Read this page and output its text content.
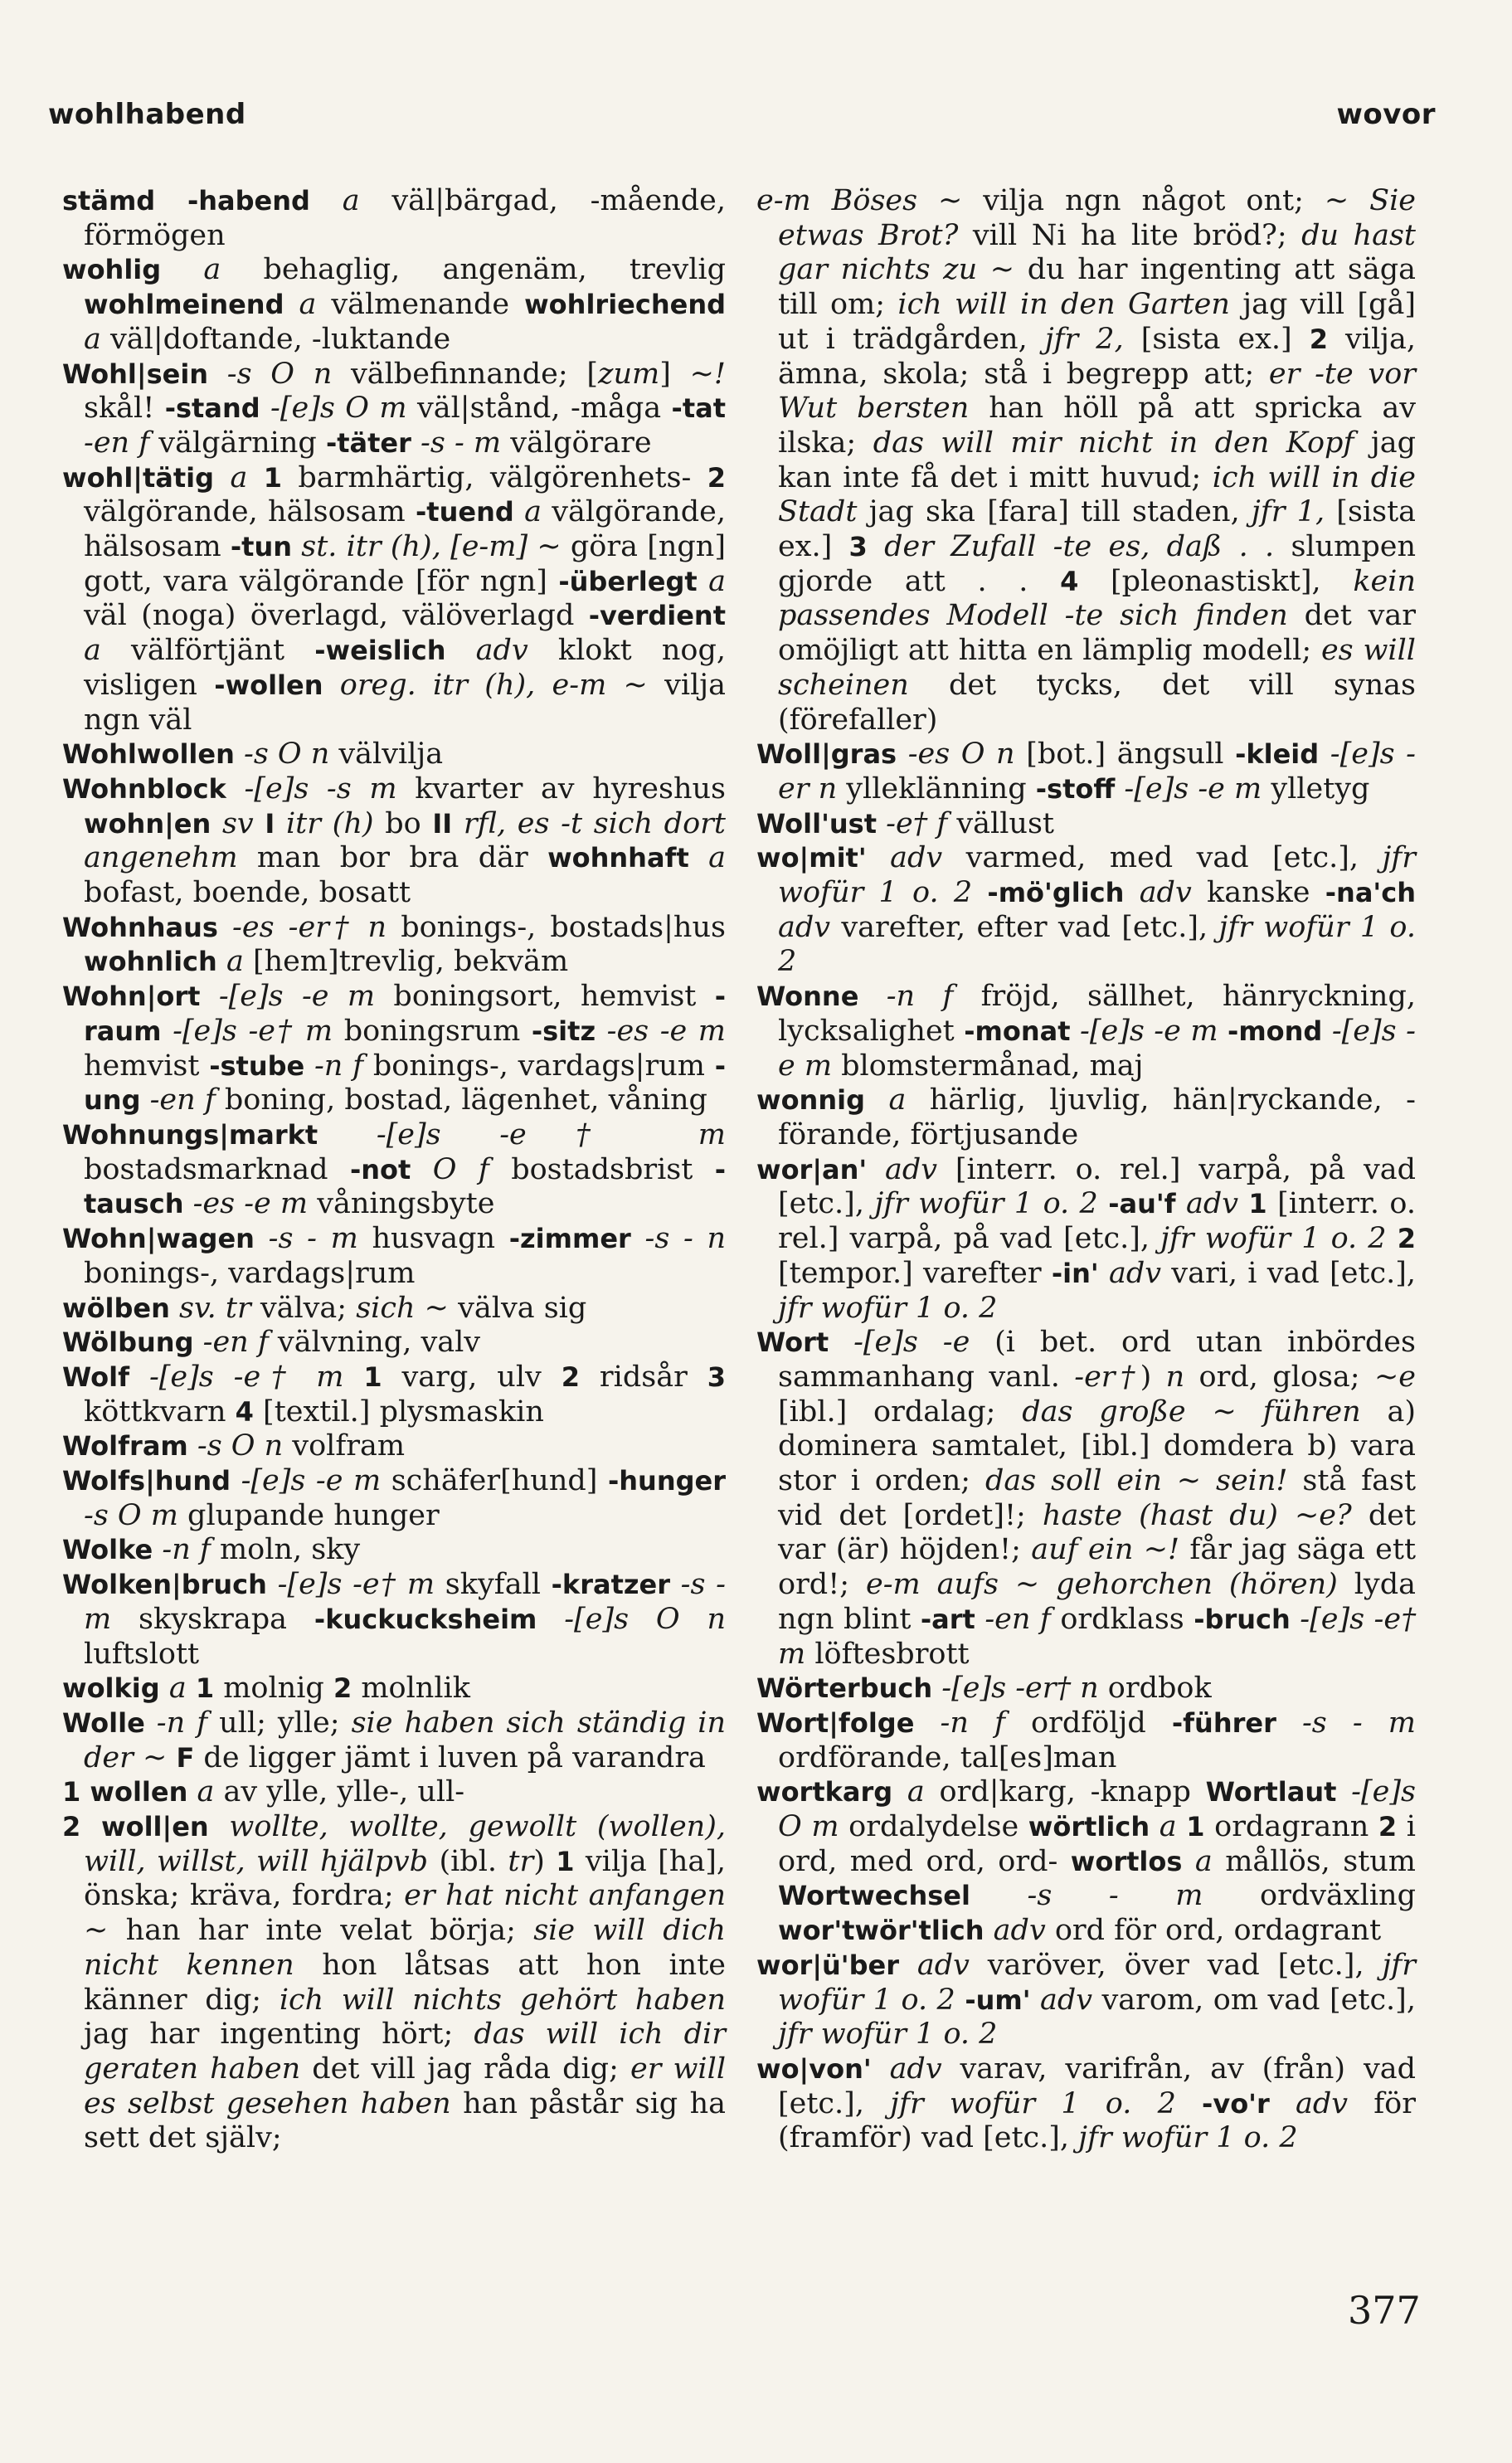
wohlhabend	wovor

stämd -habend a väl|bärgad, -mående, förmögen

wohlig a behaglig, angenäm, trevlig wohlmeinend a välmenande wohlriechend a väl|doftande, -luktande

Wohl|sein -s O n välbefinnande; [zum] ~! skål! -stand -[e]s O m väl|stånd, -måga -tat -en f välgärning -täter -s - m välgörare

wohl|tätig a 1 barmhärtig, välgörenhets- 2 välgörande, hälsosam -tuend a välgörande, hälsosam -tun st. itr (h), [e-m] ~ göra [ngn] gott, vara välgörande [för ngn] -überlegt a väl (noga) överlagd, välöverlagd -verdient a välförtjänt -weislich adv klokt nog, visligen -wollen oreg. itr (h), e-m ~ vilja ngn väl

Wohlwollen -s O n välvilja

Wohnblock -[e]s -s m kvarter av hyreshus wohn|en sv I itr (h) bo II rfl, es -t sich dort angenehm man bor bra där wohnhaft a bofast, boende, bosatt

Wohnhaus -es -er† n bonings-, bostads|hus wohnlich a [hem]trevlig, bekväm

Wohn|ort -[e]s -e m boningsort, hemvist -raum -[e]s -e† m boningsrum -sitz -es -e m hemvist -stube -n f bonings-, vardags|rum -ung -en f boning, bostad, lägenhet, våning

Wohnungs|markt -[e]s -e† m bostadsmarknad -not O f bostadsbrist -tausch -es -e m våningsbyte

Wohn|wagen -s - m husvagn -zimmer -s - n bonings-, vardags|rum

wölben sv. tr välva; sich ~ välva sig

Wölbung -en f välvning, valv

Wolf -[e]s -e† m 1 varg, ulv 2 ridsår 3 köttkvarn 4 [textil.] plysmaskin

Wolfram -s O n volfram

Wolfs|hund -[e]s -e m schäfer[hund] -hunger -s O m glupande hunger

Wolke -n f moln, sky

Wolken|bruch -[e]s -e† m skyfall -kratzer -s - m skyskrapa -kuckucksheim -[e]s O n luftslott

wolkig a 1 molnig 2 molnlik

Wolle -n f ull; ylle; sie haben sich ständig in der ~ F de ligger jämt i luven på varandra

1 wollen a av ylle, ylle-, ull-

2 woll|en wollte, wollte, gewollt (wollen), will, willst, will hjälpvb (ibl. tr) 1 vilja [ha], önska; kräva, fordra; er hat nicht anfangen ~ han har inte velat börja; sie will dich nicht kennen hon låtsas att hon inte känner dig; ich will nichts gehört haben jag har ingenting hört; das will ich dir geraten haben det vill jag råda dig; er will es selbst gesehen haben han påstår sig ha sett det själv;

e-m Böses ~ vilja ngn något ont; ~ Sie etwas Brot? vill Ni ha lite bröd?; du hast gar nichts zu ~ du har ingenting att säga till om; ich will in den Garten jag vill [gå] ut i trädgården, jfr 2, [sista ex.] 2 vilja, ämna, skola; stå i begrepp att; er -te vor Wut bersten han höll på att spricka av ilska; das will mir nicht in den Kopf jag kan inte få det i mitt huvud; ich will in die Stadt jag ska [fara] till staden, jfr 1, [sista ex.] 3 der Zufall -te es, daß . . slumpen gjorde att . . 4 [pleonastiskt], kein passendes Modell -te sich finden det var omöjligt att hitta en lämplig modell; es will scheinen det tycks, det vill synas (förefaller)

Woll|gras -es O n [bot.] ängsull -kleid -[e]s -er n ylleklänning -stoff -[e]s -e m ylletyg

Woll'ust -e† f vällust

wo|mit' adv varmed, med vad [etc.], jfr wofür 1 o. 2 -mö'glich adv kanske -na'ch adv varefter, efter vad [etc.], jfr wofür 1 o. 2

Wonne -n f fröjd, sällhet, hänryckning, lycksalighet -monat -[e]s -e m -mond -[e]s -e m blomstermånad, maj

wonnig a härlig, ljuvlig, hän|ryckande, -förande, förtjusande

wor|an' adv [interr. o. rel.] varpå, på vad [etc.], jfr wofür 1 o. 2 -au'f adv 1 [interr. o. rel.] varpå, på vad [etc.], jfr wofür 1 o. 2 2 [tempor.] varefter -in' adv vari, i vad [etc.], jfr wofür 1 o. 2

Wort -[e]s -e (i bet. ord utan inbördes sammanhang vanl. -er†) n ord, glosa; ~e [ibl.] ordalag; das große ~ führen a) dominera samtalet, [ibl.] domdera b) vara stor i orden; das soll ein ~ sein! stå fast vid det [ordet]!; haste (hast du) ~e? det var (är) höjden!; auf ein ~! får jag säga ett ord!; e-m aufs ~ gehorchen (hören) lyda ngn blint -art -en f ordklass -bruch -[e]s -e† m löftesbrott

Wörterbuch -[e]s -er† n ordbok

Wort|folge -n f ordföljd -führer -s - m ordförande, tal[es]man

wortkarg a ord|karg, -knapp Wortlaut -[e]s O m ordalydelse wörtlich a 1 ordagrann 2 i ord, med ord, ord- wortlos a mållös, stum Wortwechsel -s - m ordväxling wor'twör'tlich adv ord för ord, ordagrant

wor|ü'ber adv varöver, över vad [etc.], jfr wofür 1 o. 2 -um' adv varom, om vad [etc.], jfr wofür 1 o. 2

wo|von' adv varav, varifrån, av (från) vad [etc.], jfr wofür 1 o. 2 -vo'r adv för (framför) vad [etc.], jfr wofür 1 o. 2

377
